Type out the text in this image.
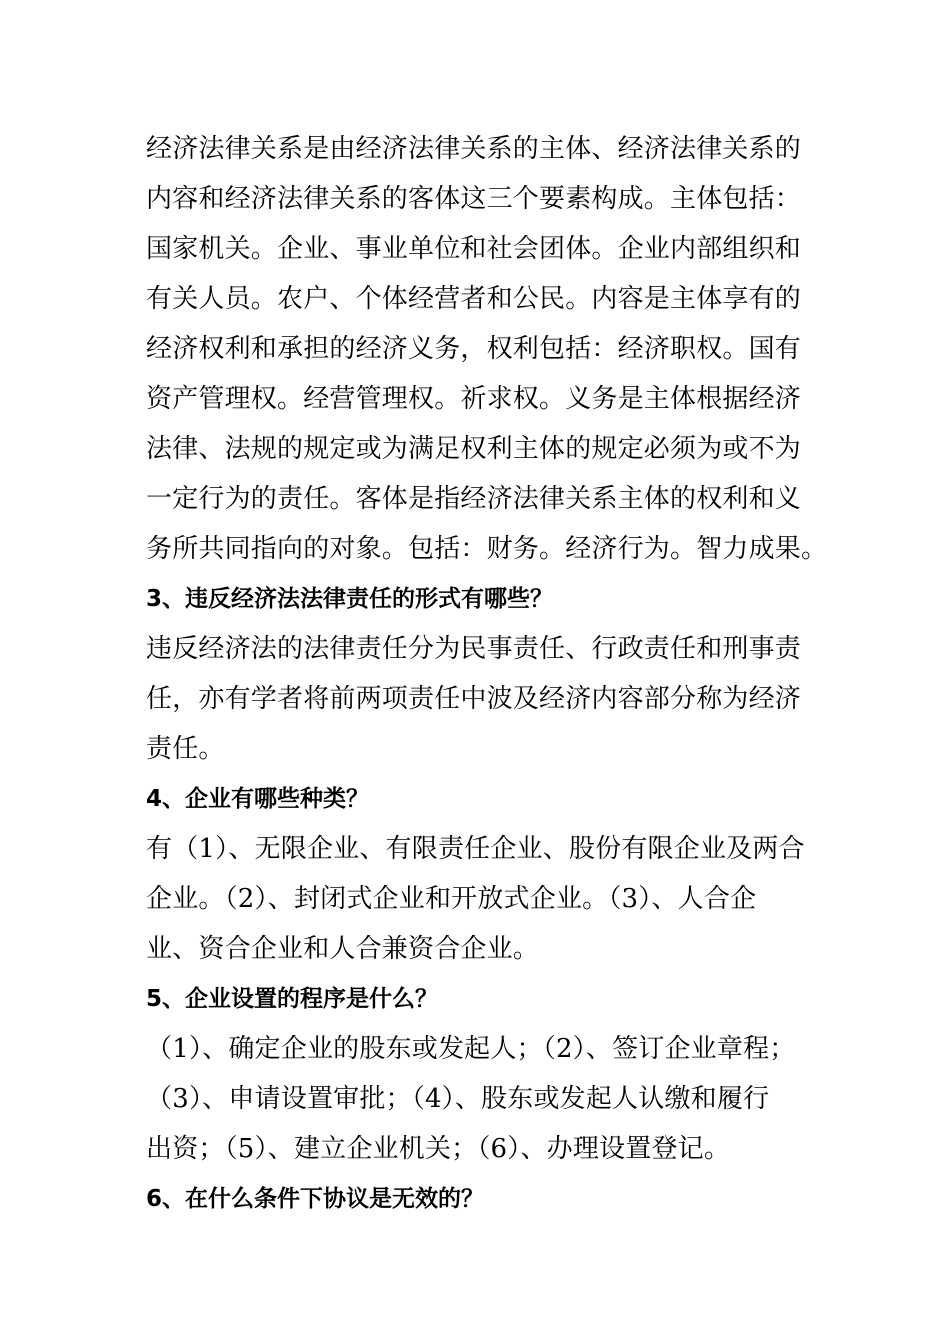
经济法律关系是由经济法律关系的主体、经济法律关系的
内容和经济法律关系的客体这三个要素构成。主体包括：
国家机关。企业、事业单位和社会团体。企业内部组织和
有关人员。农户、个体经营者和公民。内容是主体享有的
经济权利和承担的经济义务，权利包括：经济职权。国有
资产管理权。经营管理权。祈求权。义务是主体根据经济
法律、法规的规定或为满足权利主体的规定必须为或不为
一定行为的责任。客体是指经济法律关系主体的权利和义
务所共同指向的对象。包括：财务。经济行为。智力成果。
3、违反经济法法律责任的形式有哪些？
违反经济法的法律责任分为民事责任、行政责任和刑事责
任，亦有学者将前两项责任中波及经济内容部分称为经济
责任。
4、企业有哪些种类？
有（1）、无限企业、有限责任企业、股份有限企业及两合
企业。（2）、封闭式企业和开放式企业。（3）、人合企
业、资合企业和人合兼资合企业。
5、企业设置的程序是什么？
（1）、确定企业的股东或发起人；（2）、签订企业章程；
（3）、申请设置审批；（4）、股东或发起人认缴和履行
出资；（5）、建立企业机关；（6）、办理设置登记。
6、在什么条件下协议是无效的？
